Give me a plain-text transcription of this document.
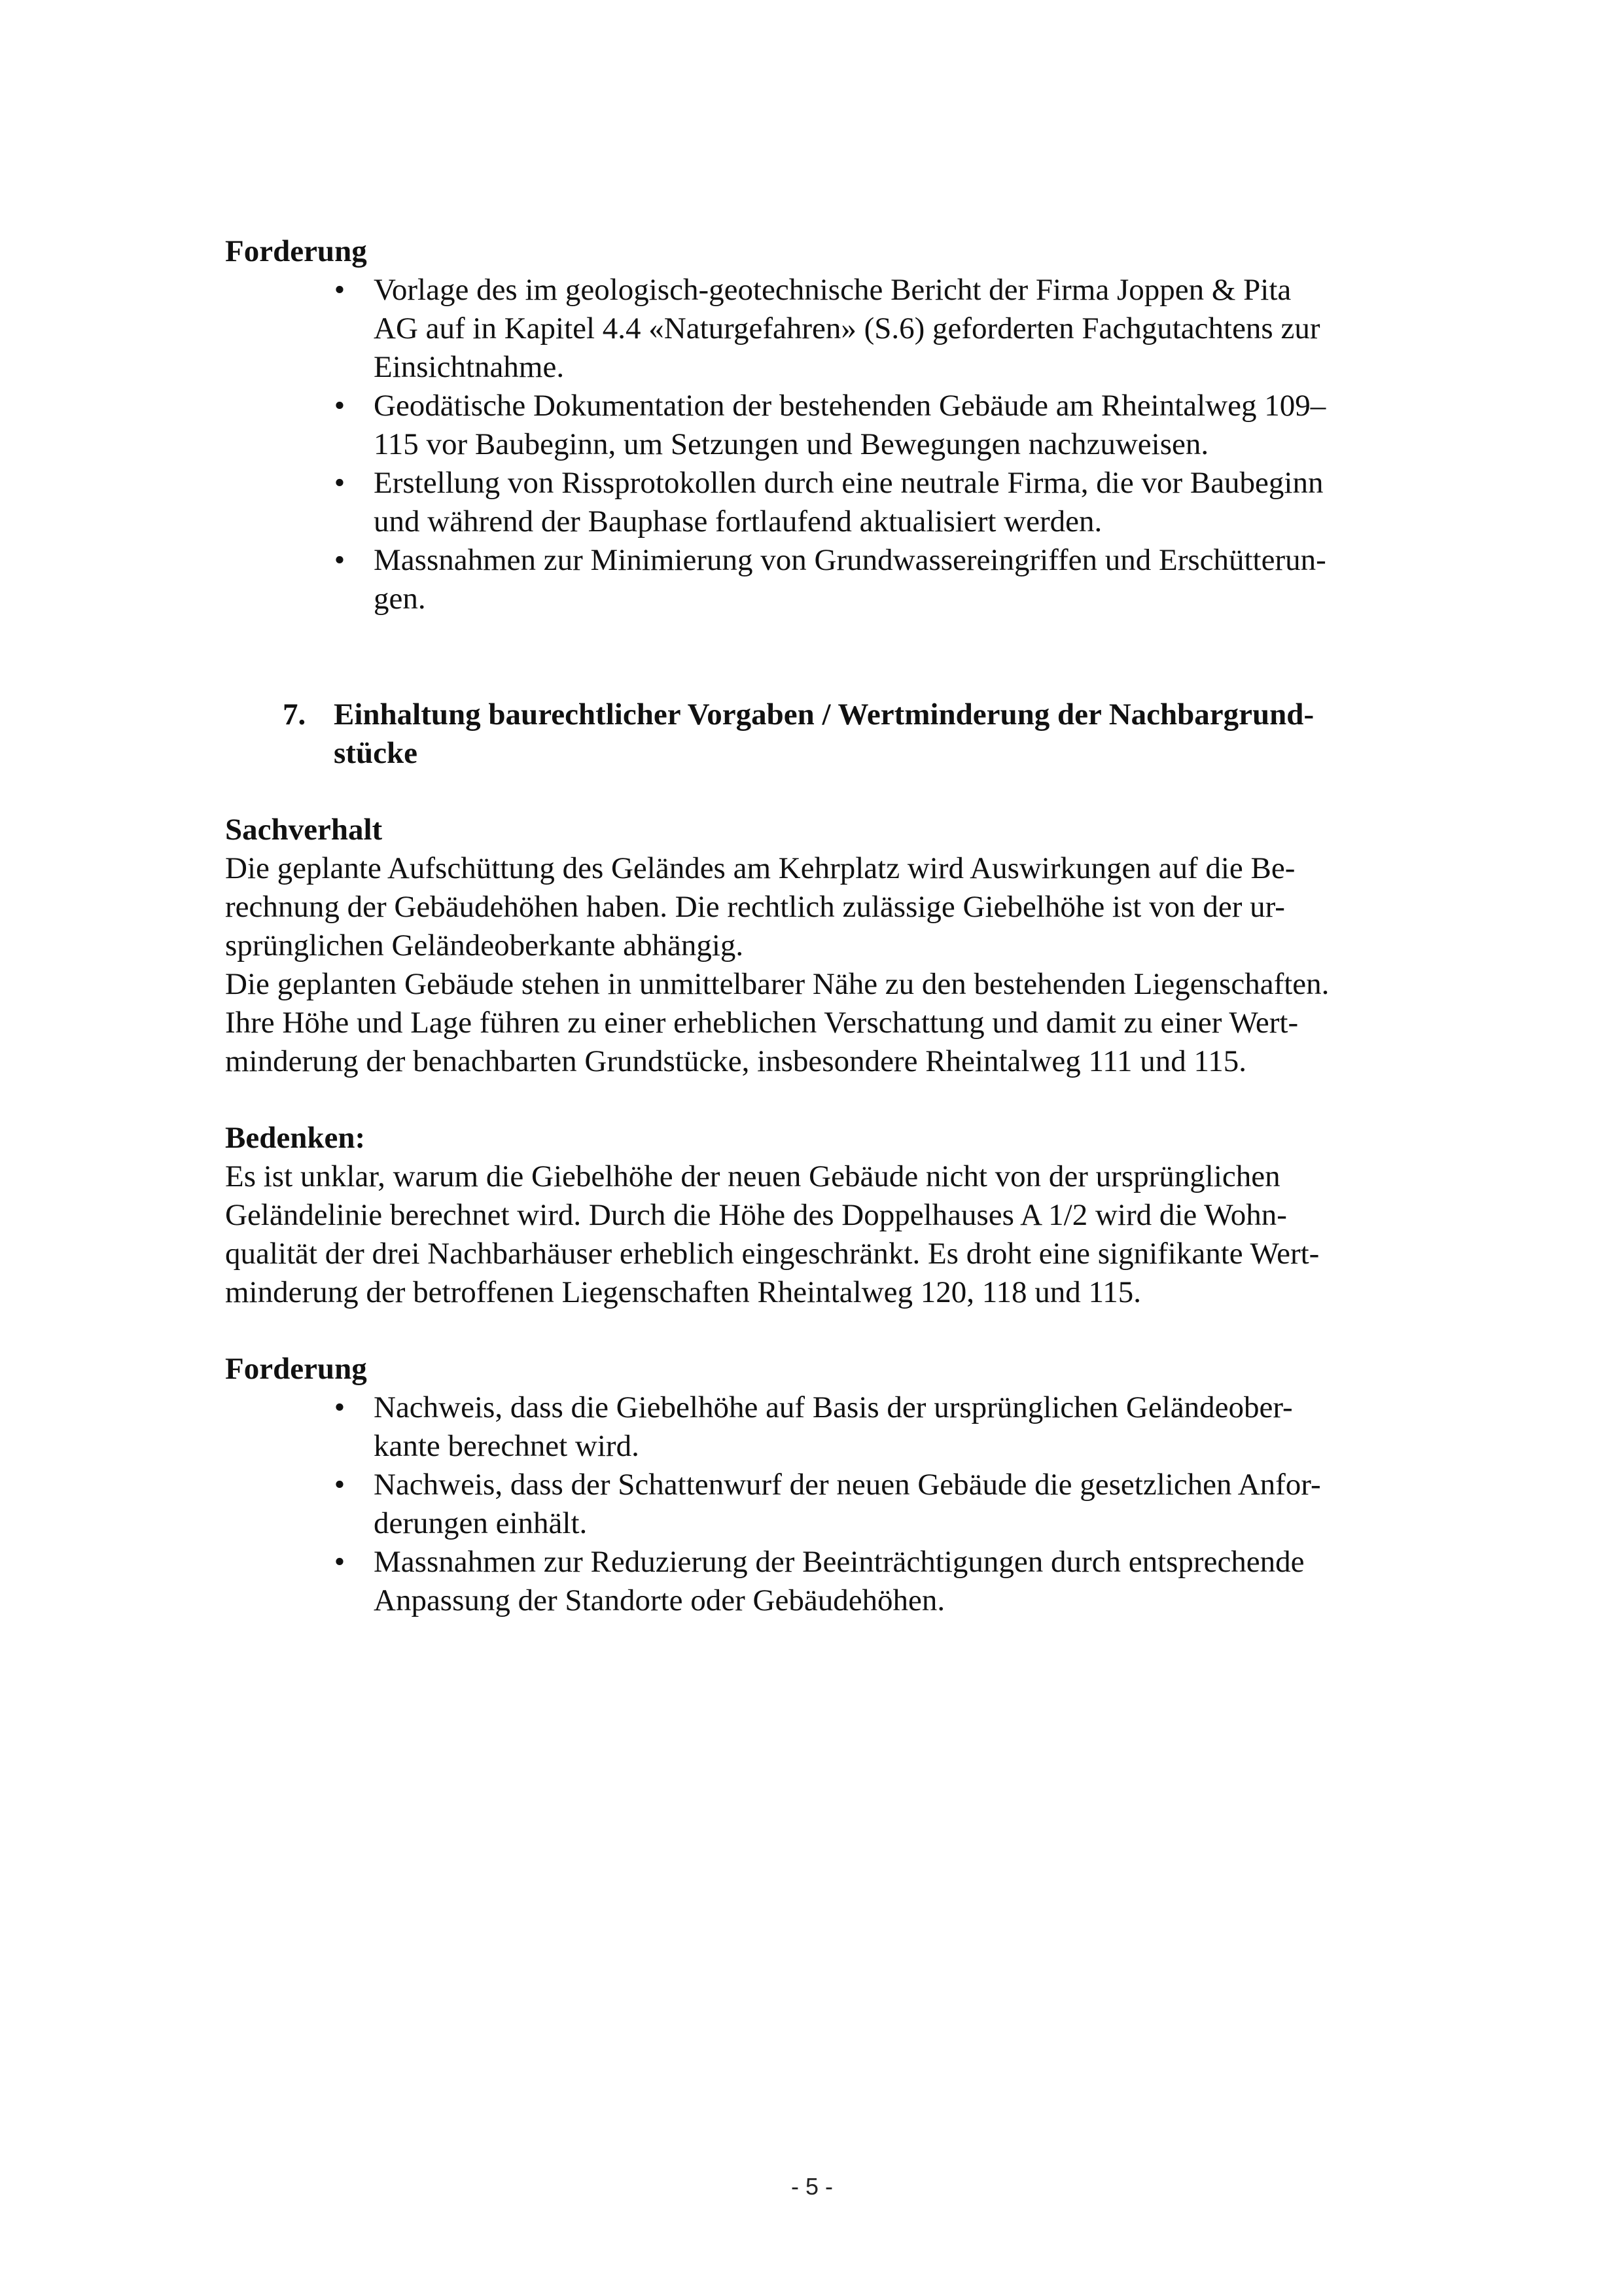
Forderung

• Vorlage des im geologisch-geotechnische Bericht der Firma Joppen & Pita
AG auf in Kapitel 4.4 «Naturgefahren» (S.6) geforderten Fachgutachtens zur
Einsichtnahme.
• Geodätische Dokumentation der bestehenden Gebäude am Rheintalweg 109–
115 vor Baubeginn, um Setzungen und Bewegungen nachzuweisen.
• Erstellung von Rissprotokollen durch eine neutrale Firma, die vor Baubeginn
und während der Bauphase fortlaufend aktualisiert werden.
• Massnahmen zur Minimierung von Grundwassereingriffen und Erschütterun-
gen.
7. Einhaltung baurechtlicher Vorgaben / Wertminderung der Nachbargrund-
stücke

Sachverhalt

Die geplante Aufschüttung des Geländes am Kehrplatz wird Auswirkungen auf die Be-
rechnung der Gebäudehöhen haben. Die rechtlich zulässige Giebelhöhe ist von der ur-
sprünglichen Geländeoberkante abhängig.
Die geplanten Gebäude stehen in unmittelbarer Nähe zu den bestehenden Liegenschaften.
Ihre Höhe und Lage führen zu einer erheblichen Verschattung und damit zu einer Wert-
minderung der benachbarten Grundstücke, insbesondere Rheintalweg 111 und 115.

Bedenken:

Es ist unklar, warum die Giebelhöhe der neuen Gebäude nicht von der ursprünglichen
Geländelinie berechnet wird. Durch die Höhe des Doppelhauses A 1/2 wird die Wohn-
qualität der drei Nachbarhäuser erheblich eingeschränkt. Es droht eine signifikante Wert-
minderung der betroffenen Liegenschaften Rheintalweg 120, 118 und 115.

Forderung

• Nachweis, dass die Giebelhöhe auf Basis der ursprünglichen Geländeober-
kante berechnet wird.
• Nachweis, dass der Schattenwurf der neuen Gebäude die gesetzlichen Anfor-
derungen einhält.
• Massnahmen zur Reduzierung der Beeinträchtigungen durch entsprechende
Anpassung der Standorte oder Gebäudehöhen.
- 5 -
